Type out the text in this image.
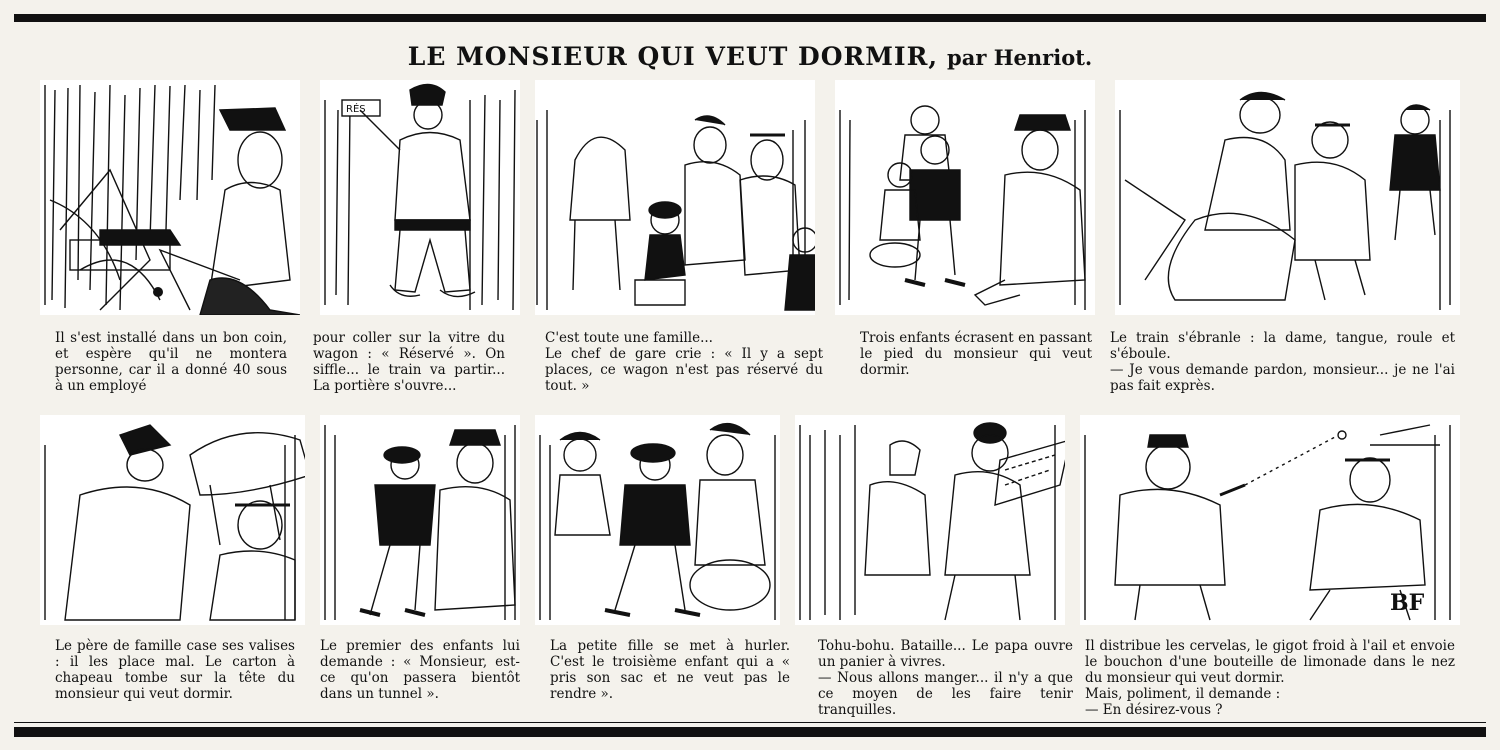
LE MONSIEUR QUI VEUT DORMIR, par Henriot.
RÉS
Il s'est installé dans un bon coin, et espère qu'il ne montera personne, car il a donné 40 sous à un employé
pour coller sur la vitre du wagon : « Réservé ». On siffle... le train va partir... La portière s'ouvre...
C'est toute une famille...
Le chef de gare crie : « Il y a sept places, ce wagon n'est pas réservé du tout. »
Trois enfants écrasent en passant le pied du monsieur qui veut dormir.
Le train s'ébranle : la dame, tangue, roule et s'éboule.
— Je vous demande pardon, monsieur... je ne l'ai pas fait exprès.
BF
Le père de famille case ses valises : il les place mal. Le carton à chapeau tombe sur la tête du monsieur qui veut dormir.
Le premier des enfants lui demande : « Monsieur, est-ce qu'on passera bientôt dans un tunnel ».
La petite fille se met à hurler. C'est le troisième enfant qui a « pris son sac et ne veut pas le rendre ».
Tohu-bohu. Bataille... Le papa ouvre un panier à vivres.
— Nous allons manger... il n'y a que ce moyen de les faire tenir tranquilles.
Il distribue les cervelas, le gigot froid à l'ail et envoie le bouchon d'une bouteille de limonade dans le nez du monsieur qui veut dormir.
Mais, poliment, il demande :
— En désirez-vous ?
